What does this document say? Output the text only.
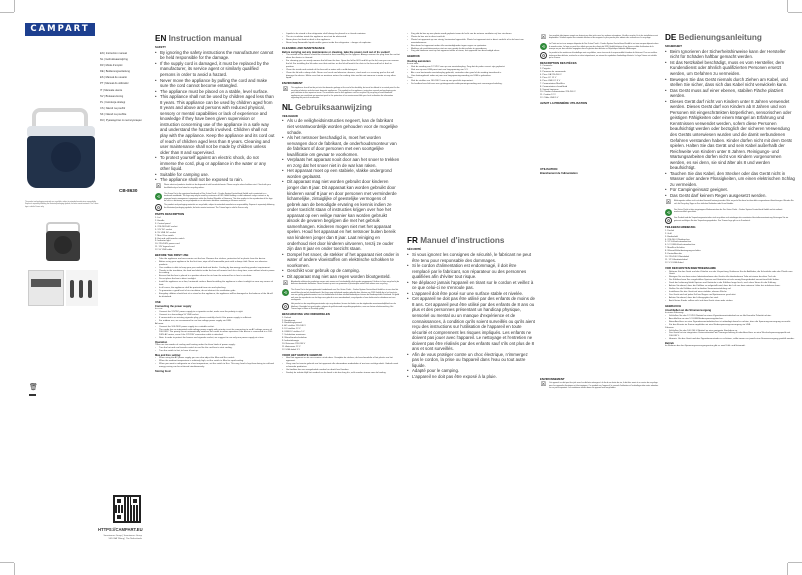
CAMPART
EN | Instruction manual
NL | Gebruiksaanwijzing
FR | Mode d'emploi
DE | Bedienungsanleitung
ES | Manual de usuario
PT | Manual do utilizador
IT | Manuale utente
SV | Bruksanvisning
PL | Instrukcja obsługi
CS | Návod na použití
SK | Návod na použitie
RU | Руководство по эксплуатации
CB-8630
The product and packaging materials are recyclable, subject to extended manufacturer responsibility. Dispose it separately following the illustrated packaging symbols, for better waste treatment. The Triman logo is valid in France only.
🗑
HTTPS://CAMPART.EU
Smartwares Group | Smartwares Group
5014 BA Tilburg | The Netherlands
EN Instruction manual
SAFETY
• By ignoring the safety instructions the manufacturer cannot be held responsible for the damage.
• If the supply cord is damaged, it must be replaced by the manufacturer, its service agent or similarly qualified persons in order to avoid a hazard.
• Never move the appliance by pulling the cord and make sure the cord cannot become entangled.
• The appliance must be placed on a stable, level surface.
• This appliance shall not be used by children aged less than 8 years. This appliance can be used by children aged from 8 years and above and persons with reduced physical, sensory or mental capabilities or lack of experience and knowledge if they have been given supervision or instruction concerning use of the appliance in a safe way and understand the hazards involved. Children shall not play with the appliance. Keep the appliance and its cord out of reach of children aged less than 8 years. Cleaning and user maintenance shall not be made by children unless older than 8 and supervised.
• To protect yourself against an electric shock, do not immerse the cord, plug or appliance in the water or any other liquid.
• Suitable for camping use.
• The appliance shall not be exposed to rain.
☒	Waste electrical products should not be disposed of with household waste. Please recycle where facilities exist. Check with your local Authority or local store for recycling advice.
⟲	The Green Dot is the registered trademark of Der Grüne Punkt – Duales System Deutschland GmbH and is protected as a trademark worldwide. The logo may only be used by customers of DSD GmbH holding a valid trademark usage contract or by engaged waste management companies within the Federal Republic of Germany. This also applies to the reproduction of the logo for use in a dictionary, an encyclopaedia or an electronic database containing a reference manual.
♻	The product and packaging materials are recyclable, subject to extended manufacturer responsibility. Dispose it separately following the illustrated packaging symbols, for better waste treatment. The Triman logo is valid in France only.
PARTS DESCRIPTION
1. Lid
2. Handle
3. Control panel
4. 220-240V AC socket
5. 12V DC socket
6. 5V USB DC socket
7. Max / Eco switch
8. Hot and cold transfer switch
9. Indicator light
10. 220-240V power cord
11. 12V legend cord
12. 5V USB cable
BEFORE THE FIRST USE
• Take the appliance and accessories out the box. Remove the stickers, protective foil or plastic from the device.
• Before using your appliance for the first time, wipe off all removable parts with a damp cloth. Never use abrasive products.
• Your coolbox is able to keep your pre-cooled food and drinks. Cooling by low-energy reaching product requirement.
• Thanks to the insulation, the food and drinks inside the box will remain fresh for a long time, even without electric power for cooling.
• Ensure that the box is placed in a position where the air from the external fan is free to circulate.
• Do not place the box in direct sunlight.
• Install the appliance on a firm, horizontal surface. Avoid installing the appliance in direct sunlight or near any source of heat.
• In all cases, the appliance shall be protected from rain and splashing.
• To guarantee a good level of air circulation, do not obstruct the ventilation grids.
• Everyday children should not sit or stand on the appliance, the appliance will be damaged or the balance of the lid will be disturbed.
USE
Connecting the power supply

In a car:

• Connect the 12V/DC power supply to a cigarette socket, make sure the polarity is right.
• Connect to a low-voltage 5V USB socket.
• If connected to an existing cigarette plug, please carefully check if the power supply is sufficient.
• For outdoor use, we recommend to use low voltage power supply via USB.

At home:

• Connect the 100-240V power supply to a suitable socket.
• The cooler has an integrated multi-voltage power supply with priority circuit for connecting to an AC voltage source of 100-240V. The priority circuit automatically switches the cooler to mains operation if the device is connected to a 100-240V AC mains, even if the 12V/24V connection cable is attached.
• Note: In order to protect the freezer and cigarette socket, we suggest to use only one power supply at a time.
Operation

There are two modes of cooling and heating under the three kinds of power supply:

• Turn the hot and cool transfer switch to cool for the cool box to start cooling.
• Turn the switch to hot, to have it heat up.
Max and Eco setting:
• When using the AC power supply you can also adjust the Max and Eco switch.
• When the ambient temperature is relatively high, set the switch to Max for rapid cooling.
• When you want to refrigerate on a low temperature, set the switch to Eco. This way, food is kept from being to cold and energy saving can be achieved simultaneously.
Storing food
• Liquids to be stored in the refrigerator shall always be placed in a closed container.
• The air circulation inside the appliance must not be obstructed.
• Never place hot food or drink in the appliance.
• Never keep flammable liquids and/or gases inside the refrigerator – danger of explosion.
CLEANING AND MAINTENANCE
Before carrying out any maintenance or cleaning, take the power cord out of its socket!
• The outside of the device should be cleaned at least monthly for the hygiene. Always remove the plug from the socket when the device is cleaned.
• For cleaning you can easily remove the lid from the box. Open the lid for 60% and lift up the lid, now you can remove the lid. For installing the lid make sure that notches on the lid will match the slots in the box and lock it back in position.
• Clean the inside and outside of the box with a water with a mild detergent.
• Clean the lid with a damp cloth. Never use harsh and abrasive cleaners, steel wool or a scouring pad as this will damage the device. Make sure that no moisture enters the cooling slots and do not immerse in water or any other liquid.
ENVIRONMENT
☒	This appliance should not be put into the domestic garbage at the end of its durability, but must be offered at a central point for the recycling of electric and electronic domestic appliances. This symbol on the appliance, instruction manual and packaging puts your attention to this important issue. The materials used in this appliance can be recycled. By recycling of used domestic appliances you contribute an important push to the protection of our environment. Ask your local authorities for information regarding the point of recollection.
NL Gebruiksaanwijzing
VEILIGHEID
• Als u de veiligheidsinstructies negeert, kan de fabrikant niet verantwoordelijk worden gehouden voor de mogelijke schade.
• Als het netsnoer beschadigd is, moet het worden vervangen door de fabrikant, de onderhoudsmonteur van de fabrikant of door personen met een soortgelijke kwalificatie om gevaar te voorkomen.
• Verplaats het apparaat nooit door aan het snoer te trekken en zorg dat het snoer niet in de war kan raken.
• Het apparaat moet op een stabiele, vlakke ondergrond worden geplaatst.
• Dit apparaat mag niet worden gebruikt door kinderen jonger dan 8 jaar. Dit apparaat kan worden gebruikt door kinderen vanaf 8 jaar en door personen met verminderde lichamelijke, zintuiglijke of geestelijke vermogens of gebrek aan de benodigde ervaring en kennis indien ze onder toezicht staan of instructies krijgen over hoe het apparaat op een veilige manier kan worden gebruikt alsook de gevaren begrijpen die met het gebruik samenhangen. Kinderen mogen niet met het apparaat spelen. Houd het apparaat en het netsnoer buiten bereik van kinderen jonger dan 8 jaar. Laat reiniging en onderhoud niet door kinderen uitvoeren, tenzij ze ouder zijn dan 8 jaar en onder toezicht staan.
• Dompel het snoer, de stekker of het apparaat niet onder in water of andere vloeistoffen om elektrische schokken te voorkomen.
• Geschikt voor gebruik op de camping.
• Dit apparaat mag niet aan regen worden blootgesteld.
☒	Afgedankte elektrische producten mogen niet samen met huishoudelijk afval worden weggegooid. Gelieve te laten recyclen bij de daarvoor bestemde faciliteiten. Neem contact op met uw gemeente of plaatselijke winkel voor advies over recycling.
⟲	The Green Dot is het geregistreerde handelsmerk van Der Grüne Punkt – Duales System Deutschland GmbH en is over heel de wereld beschermd als handelsmerk. Het logo mag uitsluitend worden gebruikt door klanten van DSD GmbH die in het bezit zijn van een geldig gebruikscontract van het handelsmerk of door afvalbeheerbedrijven binnen de Bondsrepubliek Duitsland. Dit geldt ook voor de reproductie van het logo voor gebruik in een woordenboek, encyclopedie of een elektronische database met een naslagwerk.
♻	Het product en de verpakkingsmaterialen zijn recycleerbaar, binnen het kader van de uitgebreide verantwoordelijkheid van de fabrikant. Verwijder het gescheiden, volgens de geïllustreerde verpakkingssymbolen, voor een betere afvalverwerking. Het Triman-logo is alleen in Frankrijk geldig.
BESCHRIJVING VAN ONDERDELEN
1. Deksel
2. Handgreep
3. Bedieningspaneel
4. AC-stekker 220-240 V
5. DC-stekker 12 V
6. USB-DC-stekker 5 V
7. Schakelaar maximum
8. Warm/koud-schakelaar
9. Indicatielampje
10. Netsnoer 220-240 V
11. Autosnoer 12 V
12. USB-kabel 5 V
VOOR HET EERSTE GEBRUIK
• Haal het apparaat en de accessoires uit de doos. Verwijder de stickers, de beschermfolie of het plastic van het apparaat.
• Veeg voor het eerste gebruik van het apparaat alle afneembare onderdelen af met een vochtige doek. Gebruik nooit schurende producten.
• Uw koelbox kan uw voorgekoelde voedsel en drank koel houden.
• Dankzij de isolatie blijft het voedsel en de drank in de box lang fris, zelfs zonder stroom voor de koeling.
• Zorg dat de box op een plaats wordt geplaatst waar de lucht van de externe ventilator vrij kan circuleren.
• Plaats de box niet in direct zonlicht.
• Plaats het apparaat op een stevig, horizontaal oppervlak. Plaats het apparaat niet in direct zonlicht of in de buurt van warmtebronnen.
• Bescherm het apparaat onder alle omstandigheden tegen regen en spatwater.
• Blokkeer de ventilatieroosters niet om een goede luchtcirculatie te garanderen.
• Zorg dat kinderen nooit op het apparaat zitten of staan; het apparaat kan beschadigd raken.
GEBRUIK
Voeding aansluiten

In een auto:

• Sluit de voeding van 12 V/DC aan op een aanstekerplug. Zorg dat de polen correct zijn geplaatst.
• Sluit aan op een USB-poort met een laagspanning van 5 V.
• Als u een bestaande aanstekerplug gebruikt, controleer dan goed of de voeding toereikend is.
• Voor buitengebruik raden wij aan een laagspanningsvoeding via USB te gebruiken.

Thuis:

• Sluit de stekker van 100-240 V aan op een geschikt stopcontact.
• De koelbox beschikt over een geïntegreerde multispanningsvoeding met voorrangsschakeling.
FR Manuel d'instructions
SÉCURITÉ
• Si vous ignorez les consignes de sécurité, le fabricant ne peut être tenu pour responsable des dommages.
• Si le cordon d'alimentation est endommagé, il doit être remplacé par le fabricant, son réparateur ou des personnes qualifiées afin d'éviter tout risque.
• Ne déplacez jamais l'appareil en tirant sur le cordon et veillez à ce que celui-ci ne s'enroule pas.
• L'appareil doit être posé sur une surface stable et nivelée.
• Cet appareil ne doit pas être utilisé par des enfants de moins de 8 ans. Cet appareil peut être utilisé par des enfants de 8 ans ou plus et des personnes présentant un handicap physique, sensoriel ou mental ou un manque d'expérience et de connaissances, à condition qu'ils soient surveillés ou qu'ils aient reçu des instructions sur l'utilisation de l'appareil en toute sécurité et comprennent les risques impliqués. Les enfants ne doivent pas jouer avec l'appareil. Le nettoyage et l'entretien ne doivent pas être réalisés par des enfants sauf s'ils ont plus de 8 ans et sont surveillés.
• Afin de vous protéger contre un choc électrique, n'immergez pas le cordon, la prise ou l'appareil dans l'eau ou tout autre liquide.
• Adapté pour le camping.
• L'appareil ne doit pas être exposé à la pluie.
☒	Les produits électriques usagés ne doivent pas être jetés avec les ordures ménagères. Veuillez recycler là où les installations sont disponibles. Vérifiez auprès des autorités locales ou du magasin le plus proche pour obtenir des conseils sur le recyclage.
⟲	Le Point vert est une marque déposée de Der Grüne Punkt – Duales System Deutschland GmbH et est une marque déposée dans le monde entier. Le logo ne peut être utilisé que par des clients de DSD GmbH titulaires d'une licence valide d'utilisation de la marque ou par des sociétés engagées dans la gestion des déchets en République fédérale d'Allemagne.
♻	Le produit et les matériaux d'emballage sont recyclables, sous réserve de la responsabilité étendue du fabricant. Pour un meilleur traitement des déchets, mettez-le au rebut séparément, en suivant les symboles d'emballage illustrés. Le logo Triman est valable qu'en France.
DESCRIPTION DES PIÈCES
1. Couvercle
2. Poignée
3. Panneau de commande
4. Prise CA 220-240 V
5. Prise CC 12 V
6. Prise USB CC 5 V
7. Commutateur Max/Eco
8. Commutateur chaud/froid
9. Voyant lumineux
10. Cordon d'alimentation 220-240 V
11. Cordon 12 V
12. Câble USB 5 V
AVANT LA PREMIÈRE UTILISATION
UTILISATION
Branchement de l'alimentation
ENVIRONNEMENT
☒	Cet appareil ne doit pas être jeté avec les déchets ménagers à la fin de sa durée de vie, il doit être remis à un centre de recyclage pour les appareils électriques et électroniques. Ce symbole sur l'appareil, le manuel d'utilisation et l'emballage attire votre attention sur ce point important. Les matériaux utilisés dans cet appareil sont recyclables.
DE Bedienungsanleitung
SICHERHEIT
• Beim Ignorieren der Sicherheitshinweise kann der Hersteller nicht für Schäden haftbar gemacht werden.
• Ist das Netzkabel beschädigt, muss es vom Hersteller, dem Kundendienst oder ähnlich qualifizierten Personen ersetzt werden, um Gefahren zu vermeiden.
• Bewegen Sie das Gerät niemals durch Ziehen am Kabel, und stellen Sie sicher, dass sich das Kabel nicht verwickeln kann.
• Das Gerät muss auf einer ebenen, stabilen Fläche platziert werden.
• Dieses Gerät darf nicht von Kindern unter 8 Jahren verwendet werden. Dieses Gerät darf von Kindern ab 8 Jahren und von Personen mit eingeschränkten körperlichen, sensorischen oder geistigen Fähigkeiten oder einem Mangel an Erfahrung und Kenntnissen verwendet werden, sofern diese Personen beaufsichtigt werden oder bezüglich der sicheren Verwendung des Geräts unterwiesen wurden und die damit verbundenen Gefahren verstanden haben. Kinder dürfen nicht mit dem Gerät spielen. Halten Sie das Gerät und sein Kabel außerhalb der Reichweite von Kindern unter 8 Jahren. Reinigungs- und Wartungsarbeiten dürfen nicht von Kindern vorgenommen werden, es sei denn, sie sind älter als 8 und werden beaufsichtigt.
• Tauchen Sie das Kabel, den Stecker oder das Gerät nicht in Wasser oder andere Flüssigkeiten, um einen elektrischen Schlag zu vermeiden.
• Für Campingeinsatz geeignet.
• Das Gerät darf keinem Regen ausgesetzt werden.
☒	Elektrogeräte sollten nicht mit dem Hausmüll entsorgt werden. Bitte recyceln Sie diese bei den dafür vorgesehenen Einrichtungen. Wenden Sie sich für Recycling-Tipps an Ihre örtlichen Behörden oder Ihren Händler.
⟲	Der Grüne Punkt ist das eingetragene Markenzeichen der Der Grüne Punkt – Duales System Deutschland GmbH und ist weltweit markenrechtlich geschützt.
♻	Das Produkt und die Verpackungsmaterialien sind recyclebar und unterliegen der erweiterten Herstellerverantwortung. Entsorgen Sie sie getrennt und folgen Sie den Verpackungssymbolen. Das Triman-Logo gilt nur in Frankreich.
TEILEBESCHREIBUNG
1. Deckel
2. Griff
3. Bedienfeld
4. 220-240 V-Netzbuchse
5. 12 V-Gleichstrombuchse
6. 5 V USB-Gleichstrombuchse
7. Max/Eco-Schalter
8. Wärme/Kälteübertragungsschalter
9. Kontrollleuchte
10. 220-240 V-Netzkabel
11. 12 V-Bordnetzkabel
12. 5 V USB-Kabel
VOR DER ERSTEN INBETRIEBNAHME
• Nehmen Sie das Gerät und das Zubehör aus der Verpackung. Entfernen Sie die Aufkleber, die Schutzfolie oder das Plastik vom Gerät.
• Reinigen Sie vor dem ersten Inbetriebnehmen des Geräts alle abnehmbaren Teile mit einem feuchten Tuch ab.
• Die Kühlbox kann Ihre vorgekühlten Speisen und Getränke mit sehr wenig Energiebedarf ausreichend kühl halten.
• Dank der Isolierung bleibt Speisen und Getränke in der Kühlbox lange frisch, auch ohne Strom für die Kühlung.
• Achten Sie darauf, dass die Kühlbox so aufgestellt wird, dass die Luft aus dem externen Lüfter frei zirkulieren kann.
• Stellen Sie die Kühlbox nicht in direkter Sonneneinstrahlung auf.
• Installieren Sie das Gerät auf einer stabilen, ebenen Fläche.
• Das Gerät wird auf jeden Fall vor Regen und Spritzwasser geschützt.
• Achten Sie darauf, dass die Lüftungsgitter frei sind.
• Auch kleine Kinder sollten nicht auf dem Gerät sitzen oder stehen.
GEBRAUCH
Anschließen an die Stromversorgung

In einem Fahrzeug:

• Schließen Sie das 12 V/DC-Netzteil an einen Zigarettenanzünderbuchse an. Auf korrekte Polarität achten.
• Anschließen an eine 5 V-USB-Niederspannungsbuchse.
• Beim Anschluss an eine Zigarettenanzünderbuchse ist unbedingt darauf zu achten, dass die Spannungsversorgung ausreicht.
• Für den Einsatz im Freien empfehlen wir eine Niederspannungsversorgung via USB.

Zuhause:

• Schließen Sie das 100-240 V-Netzteil an eine geeignete Steckdose an.
• Das Gerät hat ein integriertes Universalnetzteil mit Vorrangschaltung für den Anschluss an eine Wechselspannungsquelle mit 100-240 V.
• Hinweis: Um das Gerät und den Zigarettenanzünder zu schützen, sollte immer nur jeweils eine Stromversorgung gewählt werden.
Betrieb

Im Rahmen der drei Spannungsversorgungsarten gibt es zwei Kühl- und Heizmodi.
